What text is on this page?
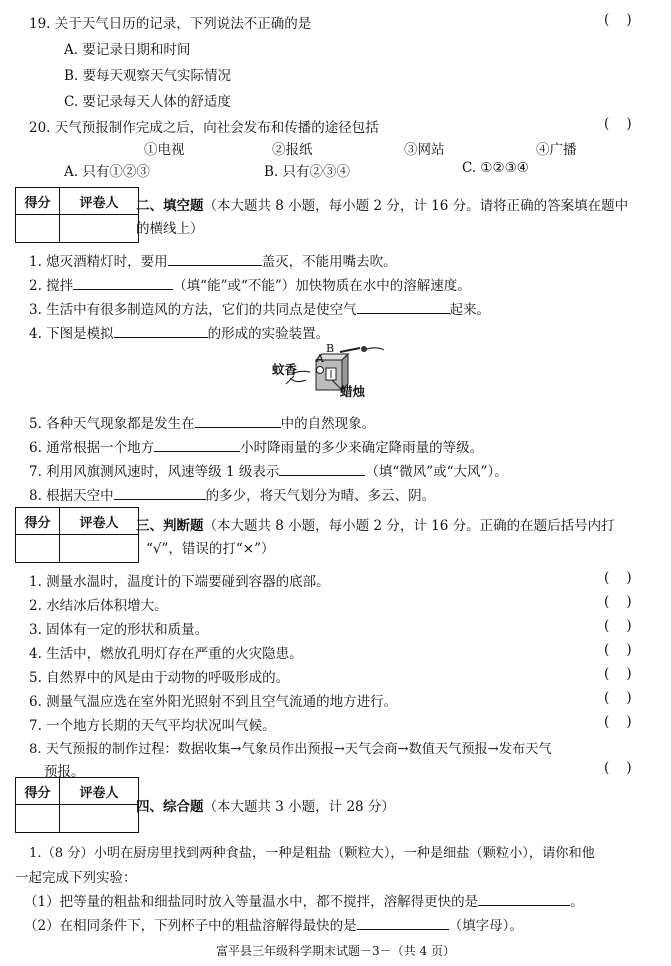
19. 关于天气日历的记录，下列说法不正确的是	(    )
A. 要记录日期和时间
B. 要每天观察天气实际情况
C. 要记录每天人体的舒适度
20. 天气预报制作完成之后，向社会发布和传播的途径包括	(    )
①电视	②报纸	③网站	④广播
A. 只有①②③	B. 只有②③④	C. ①②③④
得分	评卷人	二、填空题（本大题共 8 小题，每小题 2 分，计 16 分。请将正确的答案填在题中
的横线上）
1. 熄灭酒精灯时，要用	盖灭，不能用嘴去吹。
2. 搅拌	（填“能”或“不能”）加快物质在水中的溶解速度。
3. 生活中有很多制造风的方法，它们的共同点是使空气	起来。
4. 下图是模拟	的形成的实验装置。
蚊香
A
B
蜡烛
5. 各种天气现象都是发生在	中的自然现象。
6. 通常根据一个地方	小时降雨量的多少来确定降雨量的等级。
7. 利用风旗测风速时，风速等级 1 级表示	（填“微风”或“大风”）。
8. 根据天空中	的多少，将天气划分为晴、多云、阴。
得分	评卷人	三、判断题（本大题共 8 小题，每小题 2 分，计 16 分。正确的在题后括号内打
“√”，错误的打“×”）
1. 测量水温时，温度计的下端要碰到容器的底部。	(    )
2. 水结冰后体积增大。	(    )
3. 固体有一定的形状和质量。	(    )
4. 生活中，燃放孔明灯存在严重的火灾隐患。	(    )
5. 自然界中的风是由于动物的呼吸形成的。	(    )
6. 测量气温应选在室外阳光照射不到且空气流通的地方进行。	(    )
7. 一个地方长期的天气平均状况叫气候。	(    )
8. 天气预报的制作过程：数据收集→气象员作出预报→天气会商→数值天气预报→发布天气
预报。	(    )
得分	评卷人
四、综合题（本大题共 3 小题，计 28 分）
1.（8 分）小明在厨房里找到两种食盐，一种是粗盐（颗粒大），一种是细盐（颗粒小），请你和他
一起完成下列实验：
（1）把等量的粗盐和细盐同时放入等量温水中，都不搅拌，溶解得更快的是	。
（2）在相同条件下，下列杯子中的粗盐溶解得最快的是	（填字母）。
富平县三年级科学期末试题－3－（共 4 页）
